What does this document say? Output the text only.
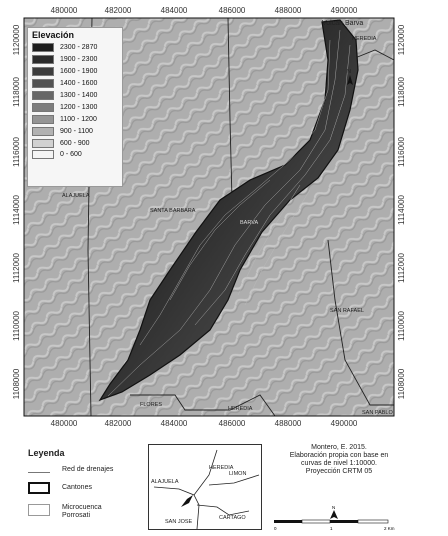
480000	482000	484000	486000	488000	490000
480000	482000	484000	486000	488000	490000
1120000
1118000
1116000
1114000
1112000
1110000
1108000
1120000
1118000
1116000
1114000
1112000
1110000
1108000
Volcán Barva
HEREDIA
ALAJUELA
SANTA BARBARA
BARVA
SAN RAFAEL
FLORES
HEREDIA
SAN PABLO
N
Elevación
2300 - 2870
1900 - 2300
1600 - 1900
1400 - 1600
1300 - 1400
1200 - 1300
1100 - 1200
900 - 1100
600 - 900
0 - 600
Leyenda
Red de drenajes
Cantones
Microcuenca
Porrosati
HEREDIA
LIMON
ALAJUELA
SAN JOSE
CARTAGO
Montero, E. 2015.
Elaboración propia con base en
curvas de nivel 1:10000.
Proyección CRTM 05
0	1	2 Km
N
